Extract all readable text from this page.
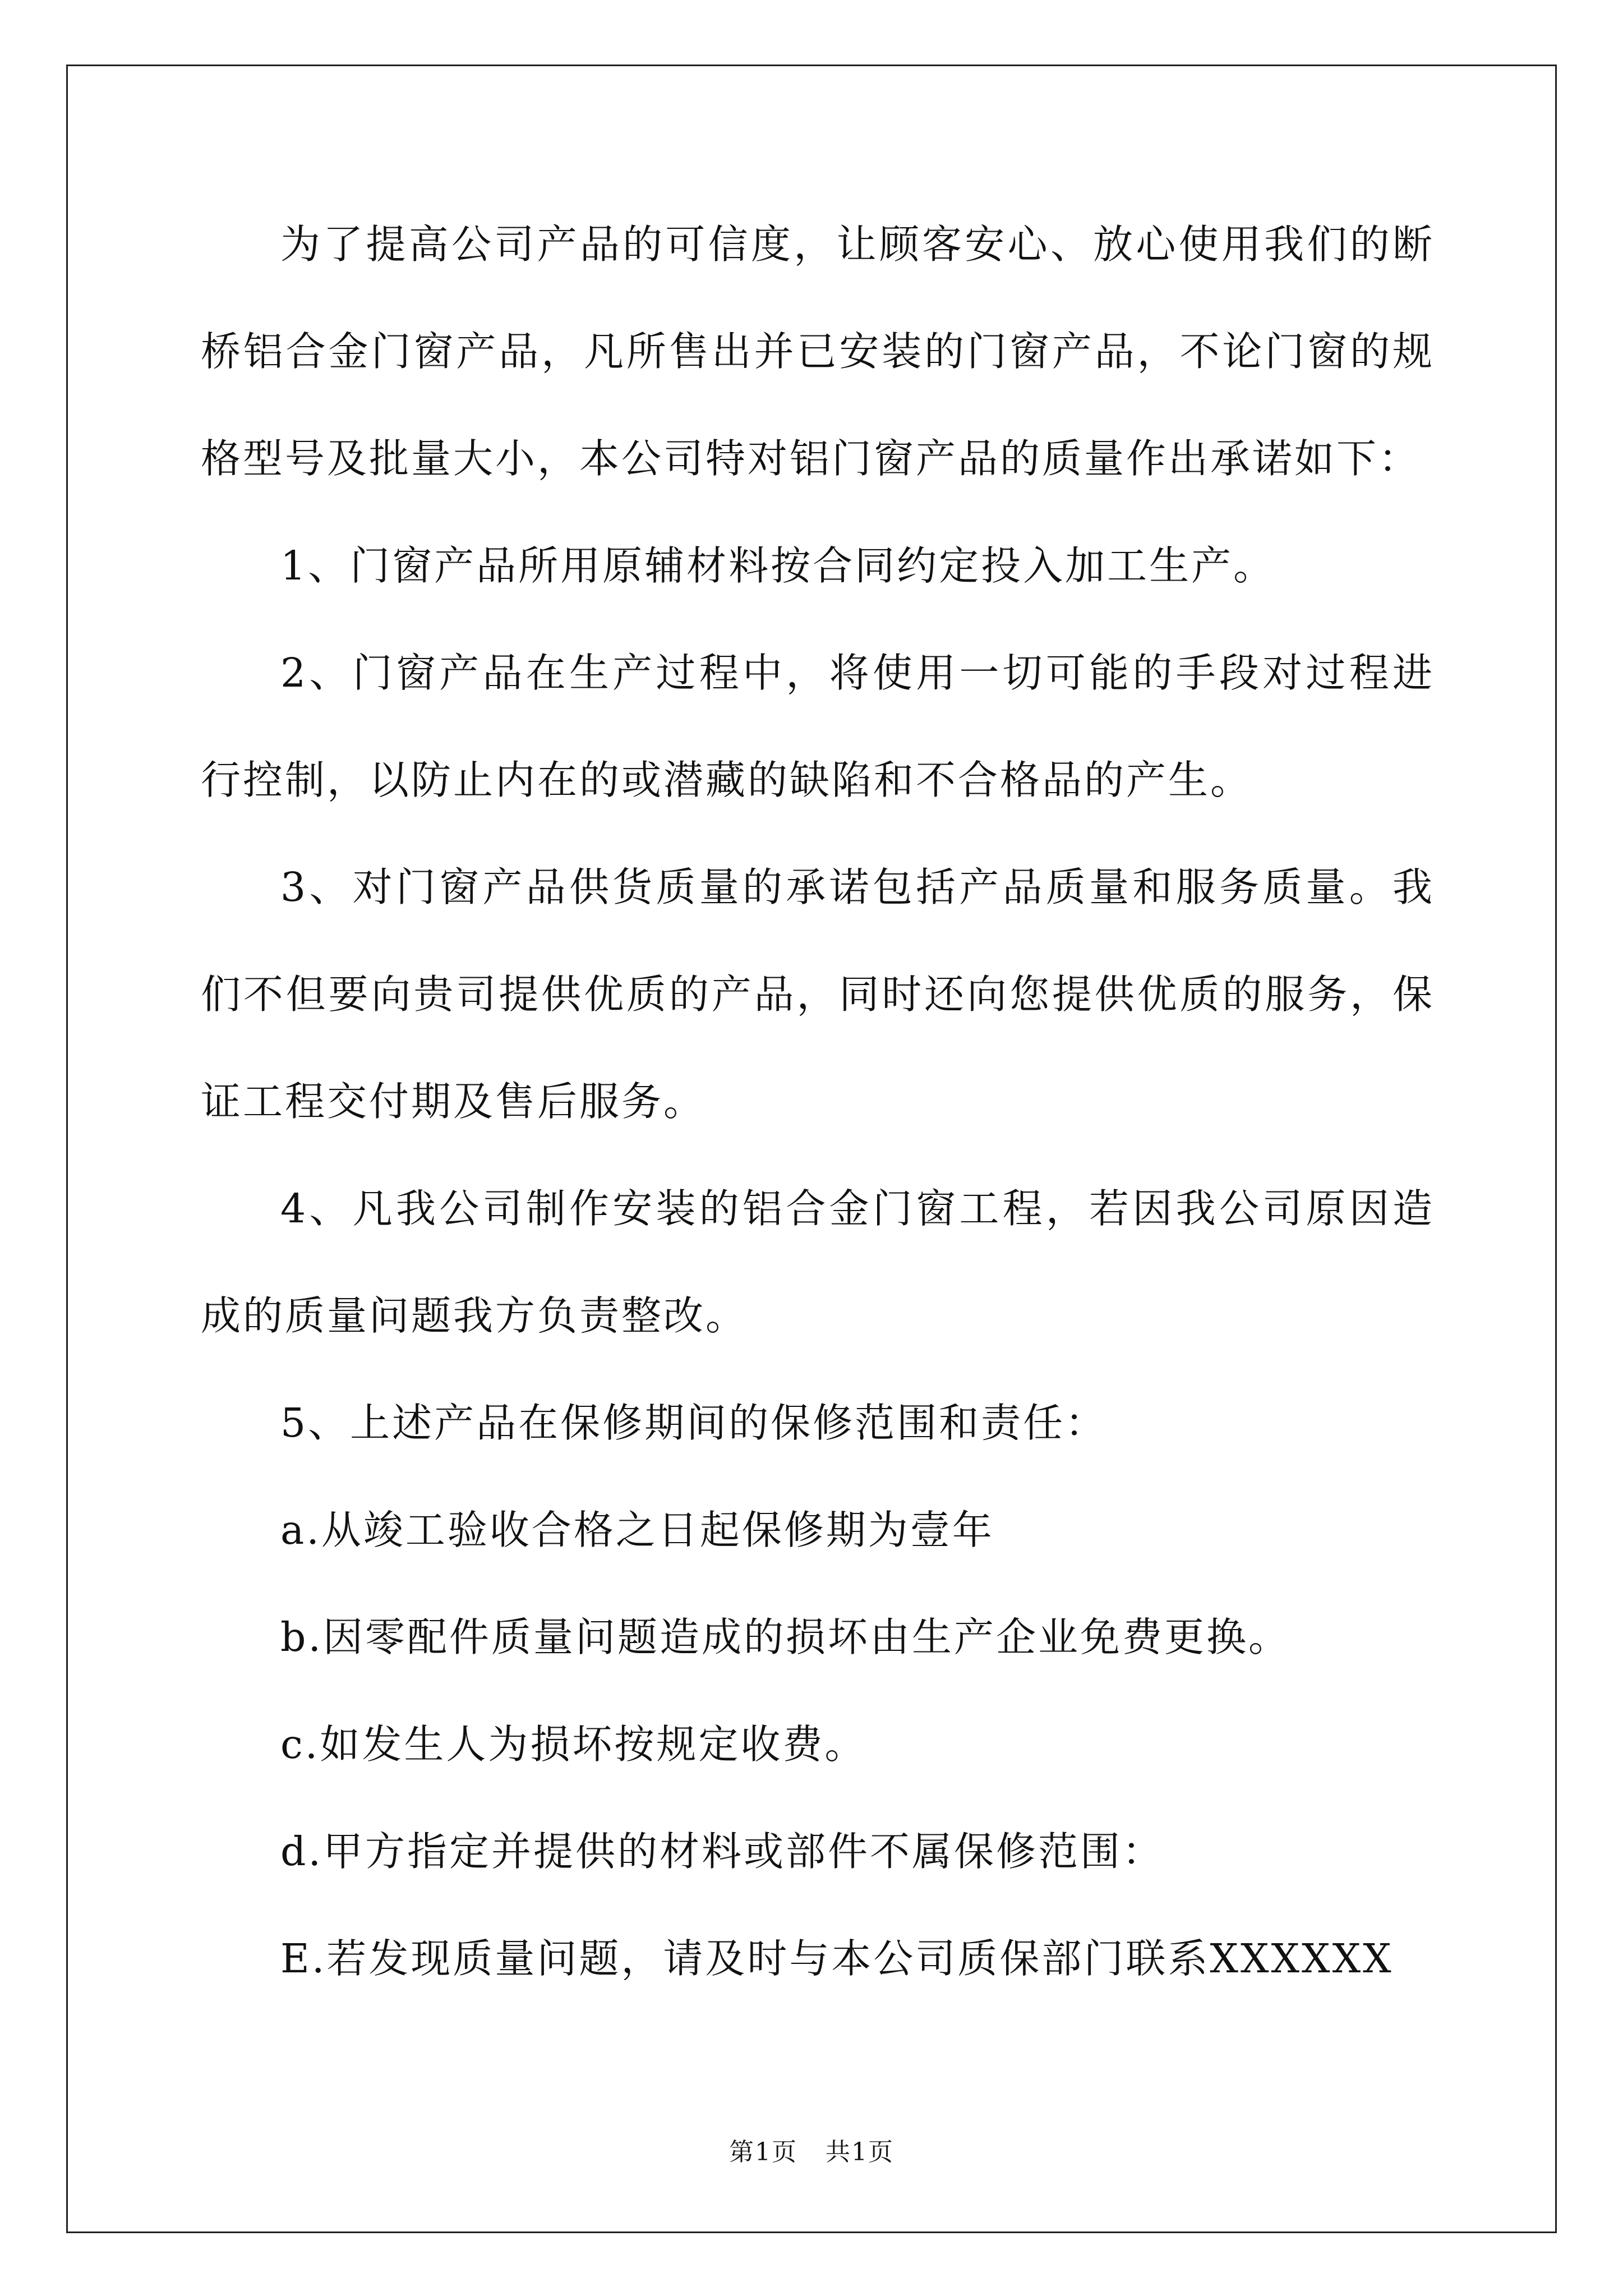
为了提高公司产品的可信度，让顾客安心、放心使用我们的断桥铝合金门窗产品，凡所售出并已安装的门窗产品，不论门窗的规格型号及批量大小，本公司特对铝门窗产品的质量作出承诺如下：

1、门窗产品所用原辅材料按合同约定投入加工生产。

2、门窗产品在生产过程中，将使用一切可能的手段对过程进行控制，以防止内在的或潜藏的缺陷和不合格品的产生。

3、对门窗产品供货质量的承诺包括产品质量和服务质量。我们不但要向贵司提供优质的产品，同时还向您提供优质的服务，保证工程交付期及售后服务。

4、凡我公司制作安装的铝合金门窗工程，若因我公司原因造成的质量问题我方负责整改。

5、上述产品在保修期间的保修范围和责任：

a.从竣工验收合格之日起保修期为壹年

b.因零配件质量问题造成的损坏由生产企业免费更换。

c.如发生人为损坏按规定收费。

d.甲方指定并提供的材料或部件不属保修范围：

E.若发现质量问题，请及时与本公司质保部门联系XXXXXX

第1页 共1页
